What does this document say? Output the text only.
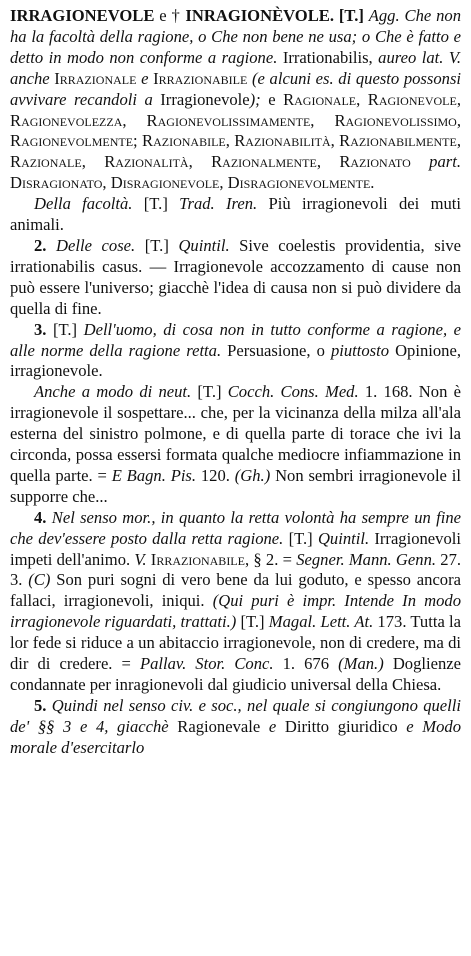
IRRAGIONEVOLE e † INRAGIONÈVOLE. [T.] Agg. Che non ha la facoltà della ragione, o Che non bene ne usa; o Che è fatto e detto in modo non conforme a ragione. Irrationabilis, aureo lat. V. anche Irrazionale e Irrazionabile (e alcuni es. di questo possonsi avvivare recandoli a Irragionevole); e Ragionale, Ragionevole, Ragionevolezza, Ragionevolissimamente, Ragionevolissimo, Ragionevolmente; Razionabile, Razionabilità, Razionabilmente, Razionale, Razionalità, Razionalmente, Razionato part. Disragionato, Disragionevole, Disragionevolmente.

Della facoltà. [T.] Trad. Iren. Più irragionevoli dei muti animali.

2. Delle cose. [T.] Quintil. Sive coelestis providentia, sive irrationabilis casus. — Irragionevole accozzamento di cause non può essere l'universo; giacchè l'idea di causa non si può dividere da quella di fine.

3. [T.] Dell'uomo, di cosa non in tutto conforme a ragione, e alle norme della ragione retta. Persuasione, o piuttosto Opinione, irragionevole.

Anche a modo di neut. [T.] Cocch. Cons. Med. 1. 168. Non è irragionevole il sospettare... che, per la vicinanza della milza all'ala esterna del sinistro polmone, e di quella parte di torace che ivi la circonda, possa essersi formata qualche mediocre infiammazione in quella parte. = E Bagn. Pis. 120. (Gh.) Non sembri irragionevole il supporre che...

4. Nel senso mor., in quanto la retta volontà ha sempre un fine che dev'essere posto dalla retta ragione. [T.] Quintil. Irragionevoli impeti dell'animo. V. Irrazionabile, § 2. = Segner. Mann. Genn. 27. 3. (C) Son puri sogni di vero bene da lui goduto, e spesso ancora fallaci, irragionevoli, iniqui. (Qui puri è impr. Intende In modo irragionevole riguardati, trattati.) [T.] Magal. Lett. At. 173. Tutta la lor fede si riduce a un abitaccio irragionevole, non di credere, ma di dir di credere. = Pallav. Stor. Conc. 1. 676 (Man.) Doglienze condannate per inragionevoli dal giudicio universal della Chiesa.

5. Quindi nel senso civ. e soc., nel quale si congiungono quelli de' §§ 3 e 4, giacchè Ragionevale e Diritto giuridico e Modo morale d'esercitarlo
